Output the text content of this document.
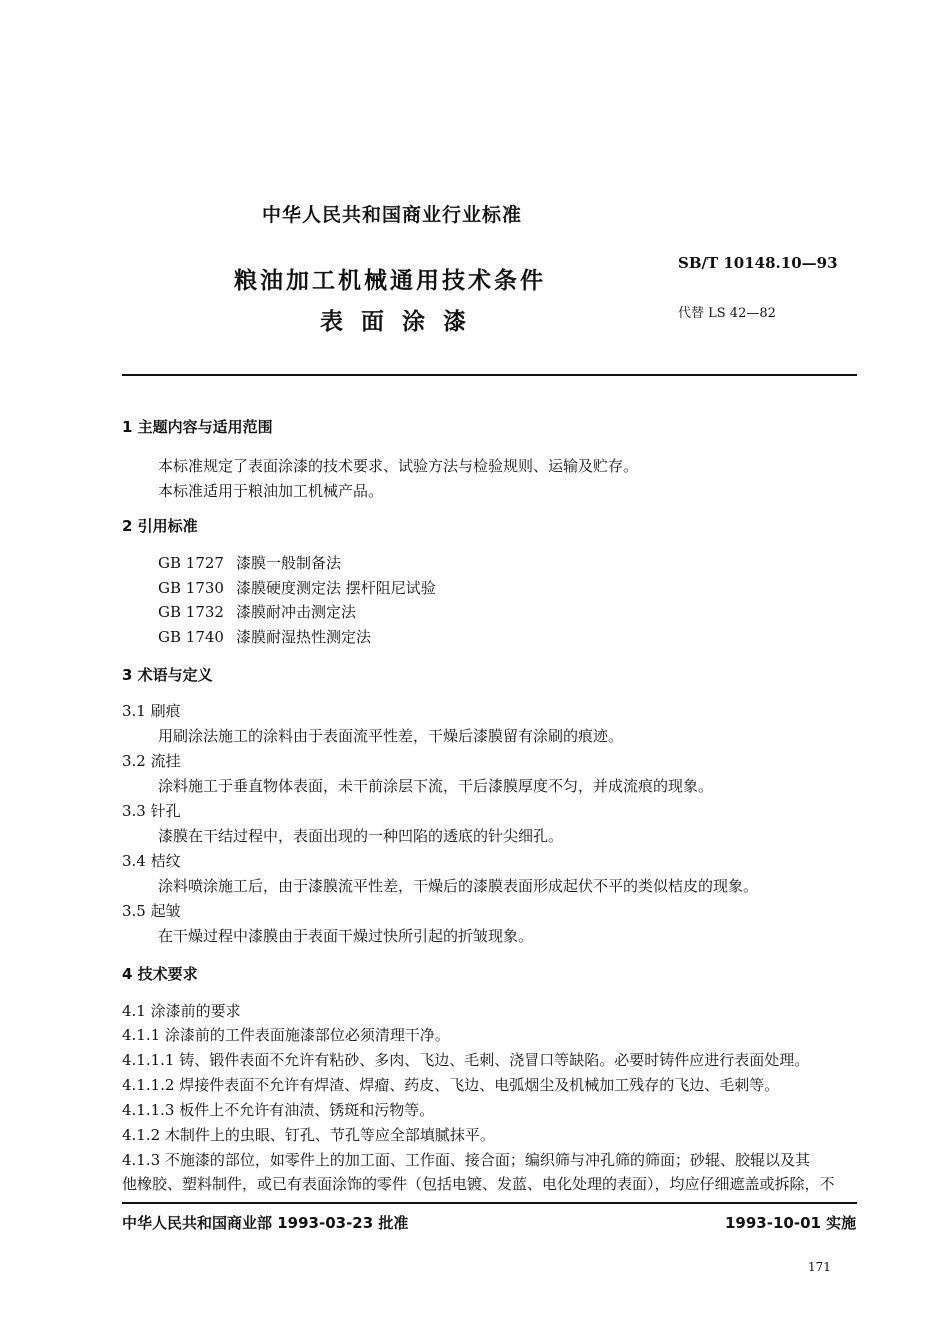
中华人民共和国商业行业标准
粮油加工机械通用技术条件
表面涂漆
SB/T 10148.10—93
代替 LS 42—82
1 主题内容与适用范围
本标准规定了表面涂漆的技术要求、试验方法与检验规则、运输及贮存。
本标准适用于粮油加工机械产品。
2 引用标准
GB 1727 漆膜一般制备法
GB 1730 漆膜硬度测定法 摆杆阻尼试验
GB 1732 漆膜耐冲击测定法
GB 1740 漆膜耐湿热性测定法
3 术语与定义
3.1 刷痕
用刷涂法施工的涂料由于表面流平性差，干燥后漆膜留有涂刷的痕迹。
3.2 流挂
涂料施工于垂直物体表面，未干前涂层下流，干后漆膜厚度不匀，并成流痕的现象。
3.3 针孔
漆膜在干结过程中，表面出现的一种凹陷的透底的针尖细孔。
3.4 桔纹
涂料喷涂施工后，由于漆膜流平性差，干燥后的漆膜表面形成起伏不平的类似桔皮的现象。
3.5 起皱
在干燥过程中漆膜由于表面干燥过快所引起的折皱现象。
4 技术要求
4.1 涂漆前的要求
4.1.1 涂漆前的工件表面施漆部位必须清理干净。
4.1.1.1 铸、锻件表面不允许有粘砂、多肉、飞边、毛刺、浇冒口等缺陷。必要时铸件应进行表面处理。
4.1.1.2 焊接件表面不允许有焊渣、焊瘤、药皮、飞边、电弧烟尘及机械加工残存的飞边、毛刺等。
4.1.1.3 板件上不允许有油渍、锈斑和污物等。
4.1.2 木制件上的虫眼、钉孔、节孔等应全部填腻抹平。
4.1.3 不施漆的部位，如零件上的加工面、工作面、接合面；编织筛与冲孔筛的筛面；砂辊、胶辊以及其
他橡胶、塑料制件，或已有表面涂饰的零件（包括电镀、发蓝、电化处理的表面），均应仔细遮盖或拆除，不
中华人民共和国商业部 1993-03-23 批准	1993-10-01 实施
171
